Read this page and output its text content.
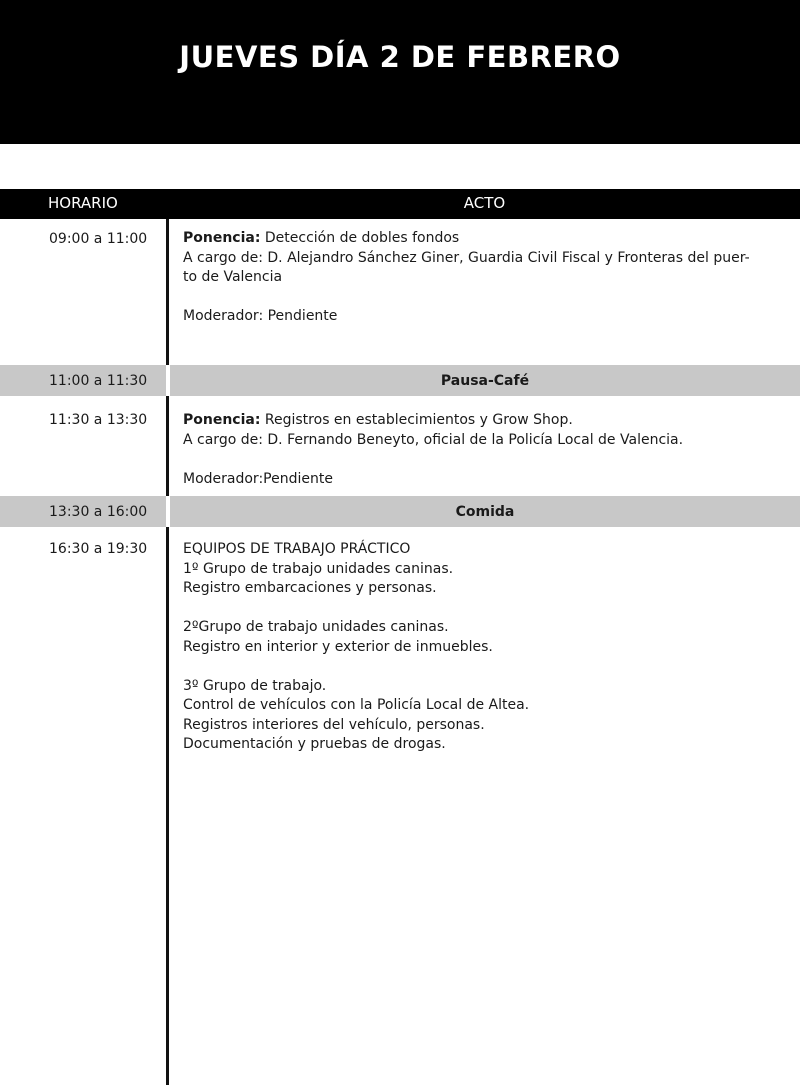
JUEVES DÍA 2 DE FEBRERO
HORARIO	ACTO
09:00 a 11:00	Ponencia: Detección de dobles fondos
A cargo de: D. Alejandro Sánchez Giner, Guardia Civil Fiscal y Fronteras del puer-
to de Valencia
Moderador: Pendiente
11:00 a 11:30	Pausa-Café
11:30 a 13:30	Ponencia: Registros en establecimientos y Grow Shop.
A cargo de: D. Fernando Beneyto, oficial de la Policía Local de Valencia.
Moderador:Pendiente
13:30 a 16:00	Comida
16:30 a 19:30	EQUIPOS DE TRABAJO PRÁCTICO
1º Grupo de trabajo unidades caninas.
Registro embarcaciones y personas.
2ºGrupo de trabajo unidades caninas.
Registro en interior y exterior de inmuebles.
3º Grupo de trabajo.
Control de vehículos con la Policía Local de Altea.
Registros interiores del vehículo, personas.
Documentación y pruebas de drogas.
